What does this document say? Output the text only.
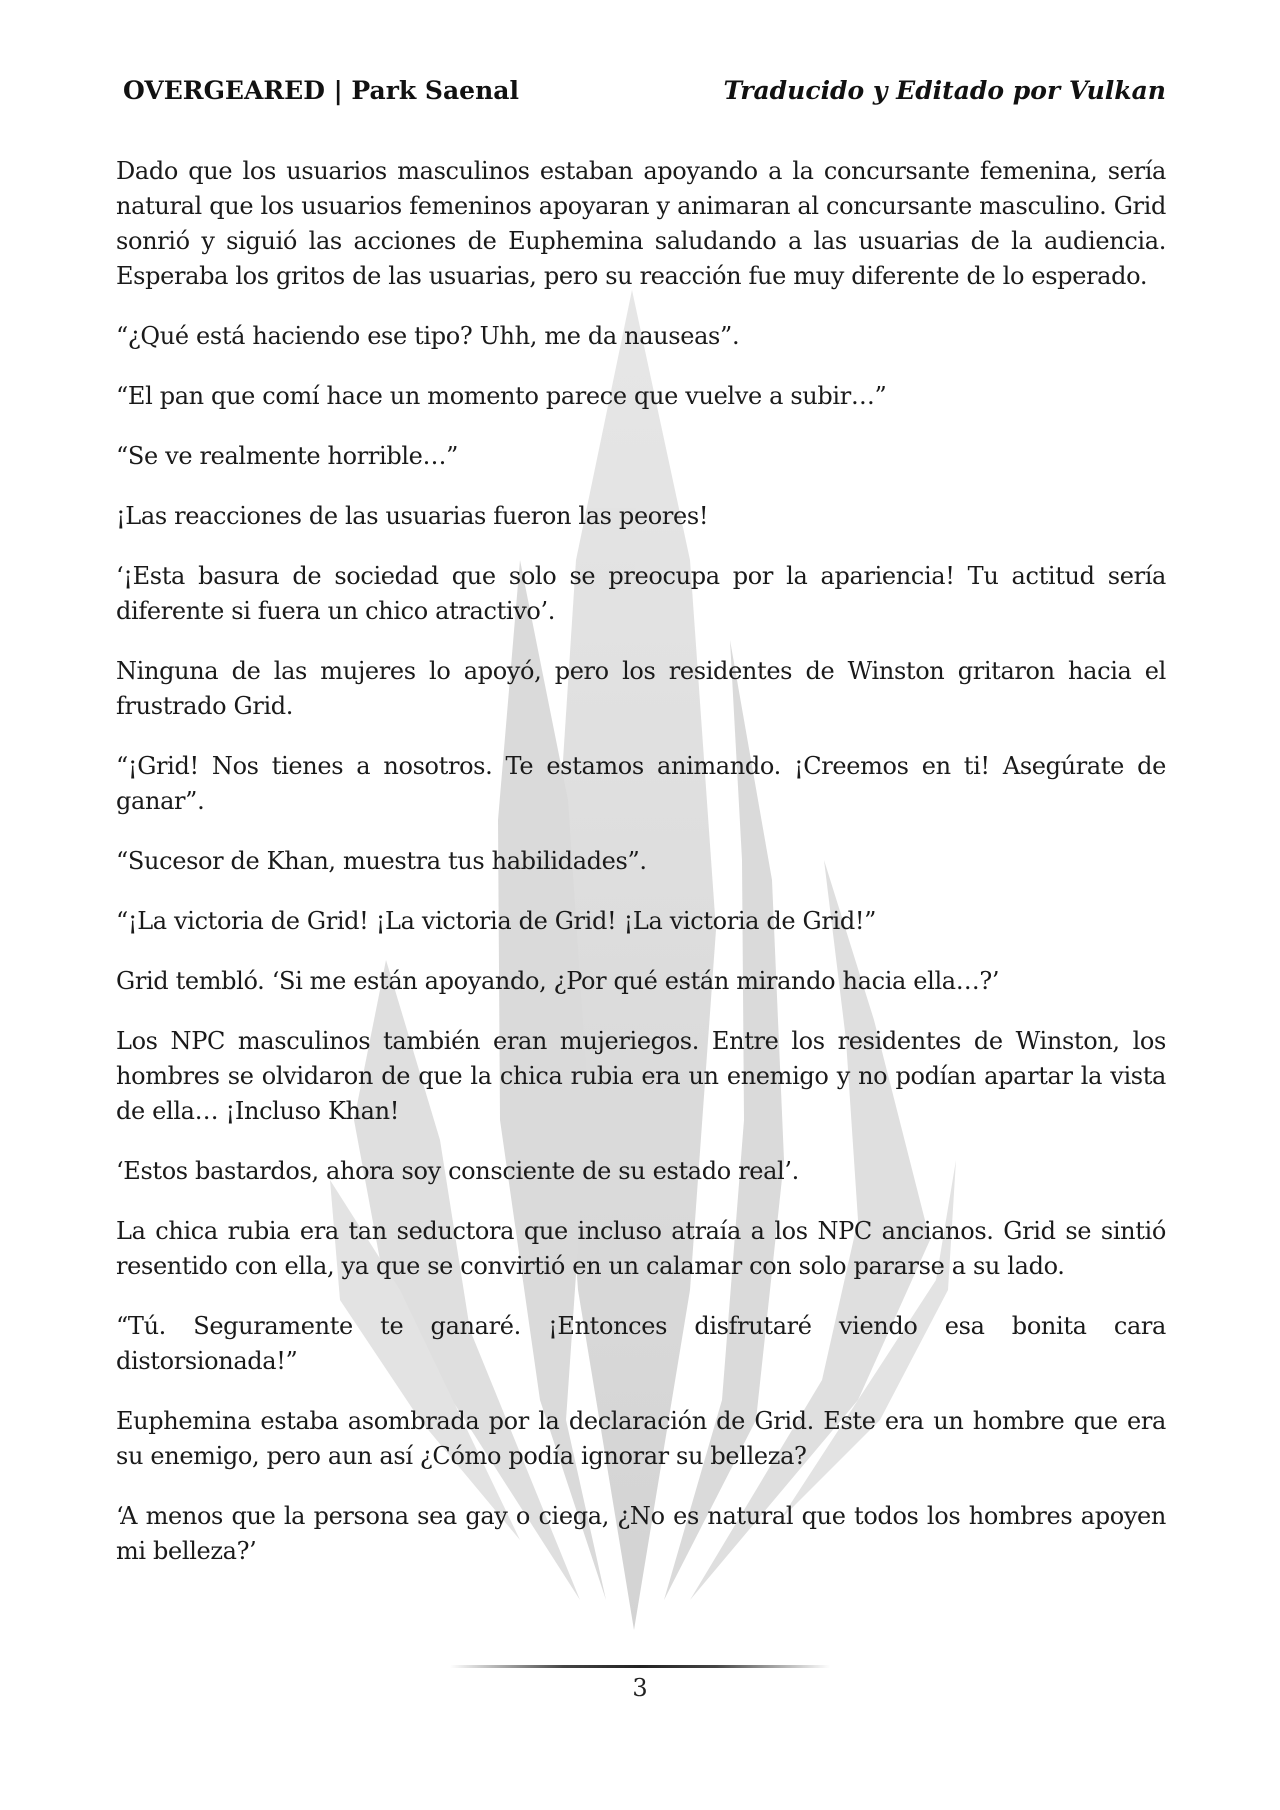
OVERGEARED | Park Saenal	Traducido y Editado por Vulkan

Dado que los usuarios masculinos estaban apoyando a la concursante femenina, sería natural que los usuarios femeninos apoyaran y animaran al concursante masculino. Grid sonrió y siguió las acciones de Euphemina saludando a las usuarias de la audiencia. Esperaba los gritos de las usuarias, pero su reacción fue muy diferente de lo esperado.

“¿Qué está haciendo ese tipo? Uhh, me da nauseas”.

“El pan que comí hace un momento parece que vuelve a subir…”

“Se ve realmente horrible…”

¡Las reacciones de las usuarias fueron las peores!

‘¡Esta basura de sociedad que solo se preocupa por la apariencia! Tu actitud sería diferente si fuera un chico atractivo’.

Ninguna de las mujeres lo apoyó, pero los residentes de Winston gritaron hacia el frustrado Grid.

“¡Grid! Nos tienes a nosotros. Te estamos animando. ¡Creemos en ti! Asegúrate de ganar”.

“Sucesor de Khan, muestra tus habilidades”.

“¡La victoria de Grid! ¡La victoria de Grid! ¡La victoria de Grid!”

Grid tembló. ‘Si me están apoyando, ¿Por qué están mirando hacia ella…?’

Los NPC masculinos también eran mujeriegos. Entre los residentes de Winston, los hombres se olvidaron de que la chica rubia era un enemigo y no podían apartar la vista de ella… ¡Incluso Khan!

‘Estos bastardos, ahora soy consciente de su estado real’.

La chica rubia era tan seductora que incluso atraía a los NPC ancianos. Grid se sintió resentido con ella, ya que se convirtió en un calamar con solo pararse a su lado.

“Tú. Seguramente te ganaré. ¡Entonces disfrutaré viendo esa bonita cara distorsionada!”

Euphemina estaba asombrada por la declaración de Grid. Este era un hombre que era su enemigo, pero aun así ¿Cómo podía ignorar su belleza?

‘A menos que la persona sea gay o ciega, ¿No es natural que todos los hombres apoyen mi belleza?’

3
